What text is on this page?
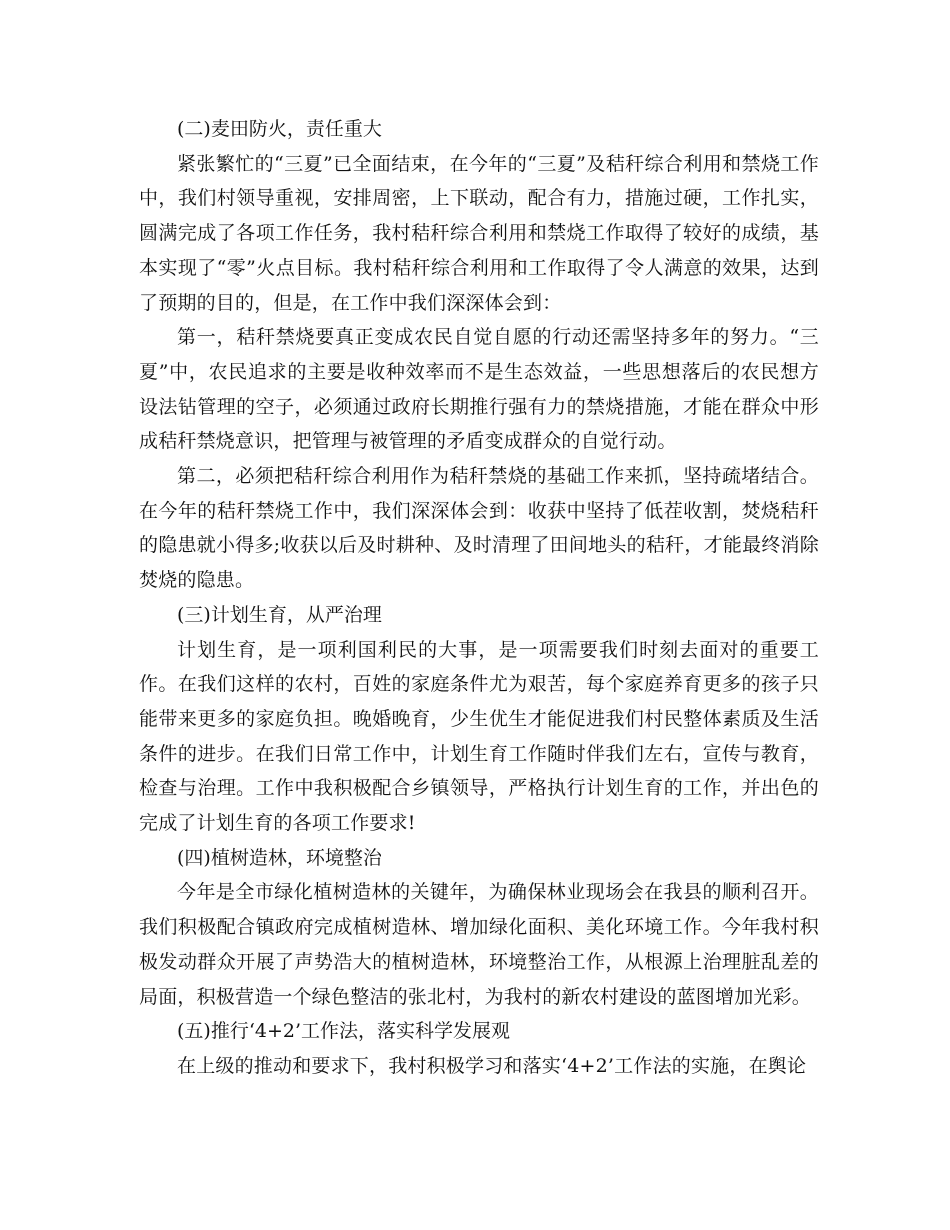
(二)麦田防火，责任重大

紧张繁忙的“三夏”已全面结束，在今年的“三夏”及秸秆综合利用和禁烧工作中，我们村领导重视，安排周密，上下联动，配合有力，措施过硬，工作扎实，圆满完成了各项工作任务，我村秸秆综合利用和禁烧工作取得了较好的成绩，基本实现了“零”火点目标。我村秸秆综合利用和工作取得了令人满意的效果，达到了预期的目的，但是，在工作中我们深深体会到：

第一，秸秆禁烧要真正变成农民自觉自愿的行动还需坚持多年的努力。“三夏”中，农民追求的主要是收种效率而不是生态效益，一些思想落后的农民想方设法钻管理的空子，必须通过政府长期推行强有力的禁烧措施，才能在群众中形成秸秆禁烧意识，把管理与被管理的矛盾变成群众的自觉行动。

第二，必须把秸秆综合利用作为秸秆禁烧的基础工作来抓，坚持疏堵结合。在今年的秸秆禁烧工作中，我们深深体会到：收获中坚持了低茬收割，焚烧秸秆的隐患就小得多;收获以后及时耕种、及时清理了田间地头的秸秆，才能最终消除焚烧的隐患。

(三)计划生育，从严治理

计划生育，是一项利国利民的大事，是一项需要我们时刻去面对的重要工作。在我们这样的农村，百姓的家庭条件尤为艰苦，每个家庭养育更多的孩子只能带来更多的家庭负担。晚婚晚育，少生优生才能促进我们村民整体素质及生活条件的进步。在我们日常工作中，计划生育工作随时伴我们左右，宣传与教育，检查与治理。工作中我积极配合乡镇领导，严格执行计划生育的工作，并出色的完成了计划生育的各项工作要求!

(四)植树造林，环境整治

今年是全市绿化植树造林的关键年，为确保林业现场会在我县的顺利召开。我们积极配合镇政府完成植树造林、增加绿化面积、美化环境工作。今年我村积极发动群众开展了声势浩大的植树造林，环境整治工作，从根源上治理脏乱差的局面，积极营造一个绿色整洁的张北村，为我村的新农村建设的蓝图增加光彩。

(五)推行‘4+2’工作法，落实科学发展观

在上级的推动和要求下，我村积极学习和落实‘4+2’工作法的实施，在舆论
